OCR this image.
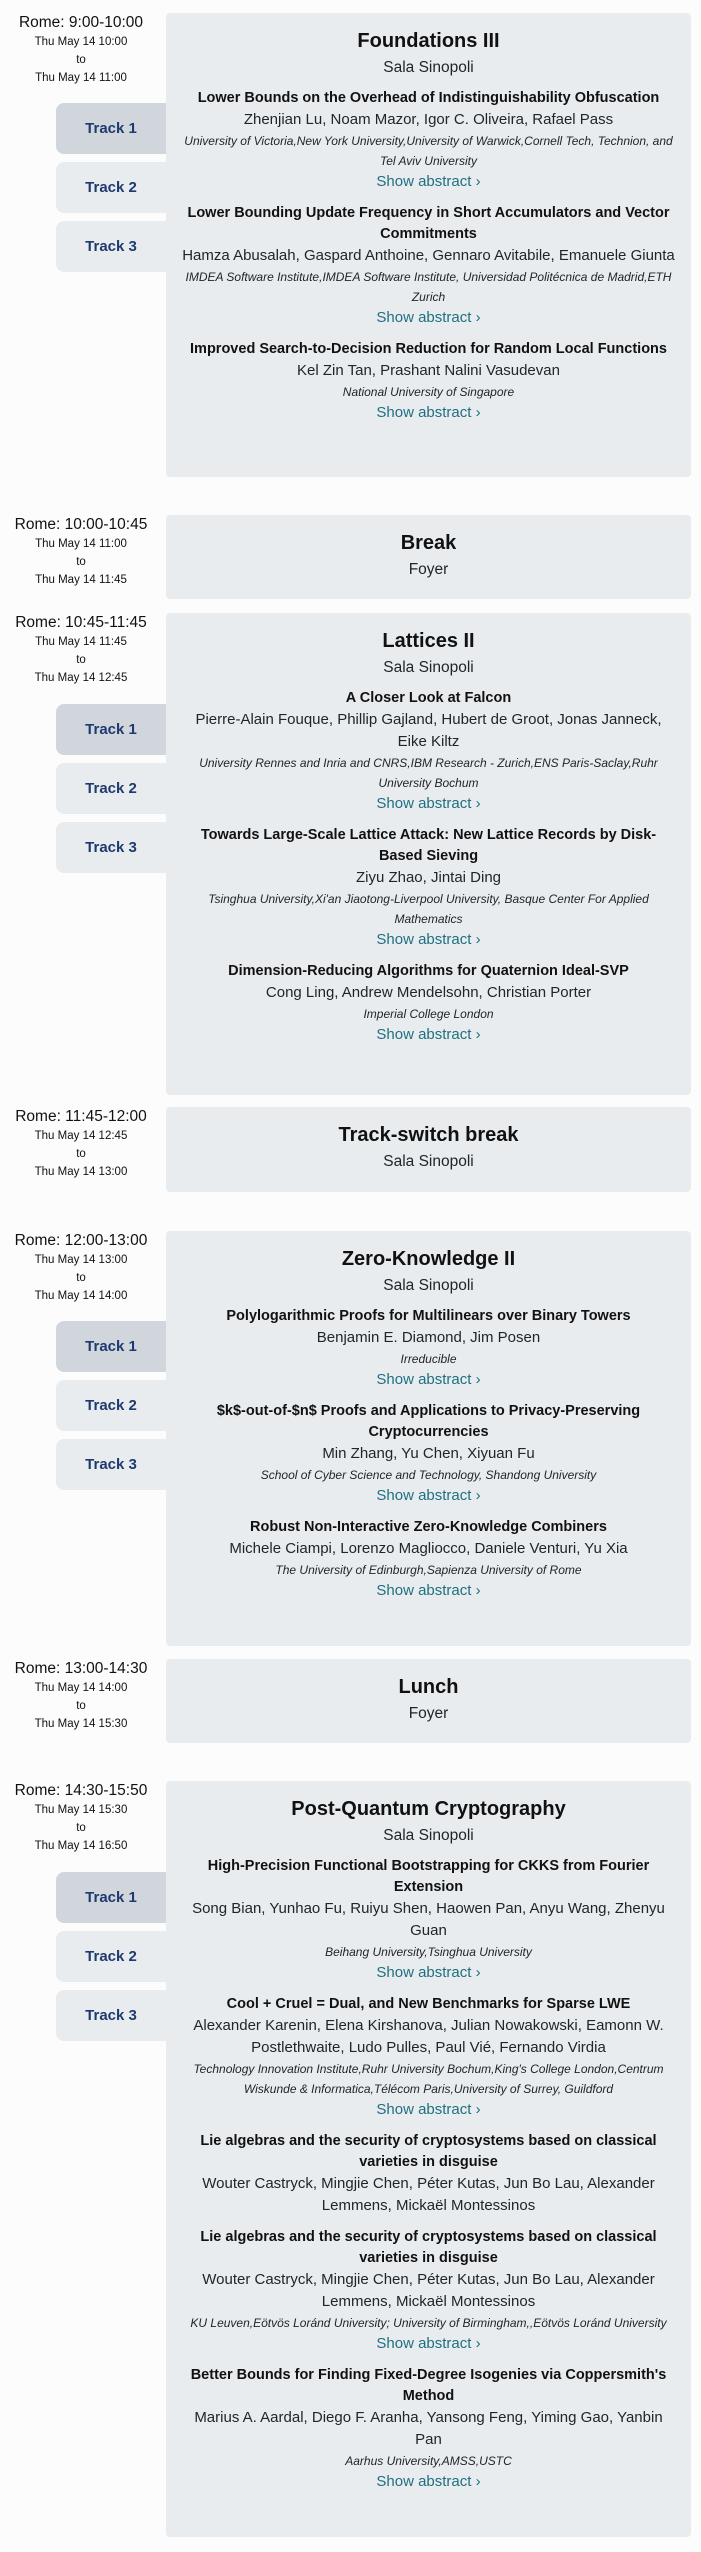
Rome: 9:00-10:00
Thu May 14 10:00
to
Thu May 14 11:00
Track 1
Track 2
Track 3
Foundations III
Sala Sinopoli
Lower Bounds on the Overhead of Indistinguishability Obfuscation
Zhenjian Lu, Noam Mazor, Igor C. Oliveira, Rafael Pass
University of Victoria,New York University,University of Warwick,Cornell Tech, Technion, and Tel Aviv University
Show abstract ›
Lower Bounding Update Frequency in Short Accumulators and Vector Commitments
Hamza Abusalah, Gaspard Anthoine, Gennaro Avitabile, Emanuele Giunta
IMDEA Software Institute,IMDEA Software Institute, Universidad Politécnica de Madrid,ETH Zurich
Show abstract ›
Improved Search-to-Decision Reduction for Random Local Functions
Kel Zin Tan, Prashant Nalini Vasudevan
National University of Singapore
Show abstract ›
Rome: 10:00-10:45
Thu May 14 11:00
to
Thu May 14 11:45
Break
Foyer
Rome: 10:45-11:45
Thu May 14 11:45
to
Thu May 14 12:45
Track 1
Track 2
Track 3
Lattices II
Sala Sinopoli
A Closer Look at Falcon
Pierre-Alain Fouque, Phillip Gajland, Hubert de Groot, Jonas Janneck, Eike Kiltz
University Rennes and Inria and CNRS,IBM Research - Zurich,ENS Paris-Saclay,Ruhr University Bochum
Show abstract ›
Towards Large-Scale Lattice Attack: New Lattice Records by Disk-Based Sieving
Ziyu Zhao, Jintai Ding
Tsinghua University,Xi'an Jiaotong-Liverpool University, Basque Center For Applied Mathematics
Show abstract ›
Dimension-Reducing Algorithms for Quaternion Ideal-SVP
Cong Ling, Andrew Mendelsohn, Christian Porter
Imperial College London
Show abstract ›
Rome: 11:45-12:00
Thu May 14 12:45
to
Thu May 14 13:00
Track-switch break
Sala Sinopoli
Rome: 12:00-13:00
Thu May 14 13:00
to
Thu May 14 14:00
Track 1
Track 2
Track 3
Zero-Knowledge II
Sala Sinopoli
Polylogarithmic Proofs for Multilinears over Binary Towers
Benjamin E. Diamond, Jim Posen
Irreducible
Show abstract ›
$k$-out-of-$n$ Proofs and Applications to Privacy-Preserving Cryptocurrencies
Min Zhang, Yu Chen, Xiyuan Fu
School of Cyber Science and Technology, Shandong University
Show abstract ›
Robust Non-Interactive Zero-Knowledge Combiners
Michele Ciampi, Lorenzo Magliocco, Daniele Venturi, Yu Xia
The University of Edinburgh,Sapienza University of Rome
Show abstract ›
Rome: 13:00-14:30
Thu May 14 14:00
to
Thu May 14 15:30
Lunch
Foyer
Rome: 14:30-15:50
Thu May 14 15:30
to
Thu May 14 16:50
Track 1
Track 2
Track 3
Post-Quantum Cryptography
Sala Sinopoli
High-Precision Functional Bootstrapping for CKKS from Fourier Extension
Song Bian, Yunhao Fu, Ruiyu Shen, Haowen Pan, Anyu Wang, Zhenyu Guan
Beihang University,Tsinghua University
Show abstract ›
Cool + Cruel = Dual, and New Benchmarks for Sparse LWE
Alexander Karenin, Elena Kirshanova, Julian Nowakowski, Eamonn W. Postlethwaite, Ludo Pulles, Paul Vié, Fernando Virdia
Technology Innovation Institute,Ruhr University Bochum,King's College London,Centrum Wiskunde & Informatica,Télécom Paris,University of Surrey, Guildford
Show abstract ›
Lie algebras and the security of cryptosystems based on classical varieties in disguise
Wouter Castryck, Mingjie Chen, Péter Kutas, Jun Bo Lau, Alexander Lemmens, Mickaël Montessinos
Lie algebras and the security of cryptosystems based on classical varieties in disguise
Wouter Castryck, Mingjie Chen, Péter Kutas, Jun Bo Lau, Alexander Lemmens, Mickaël Montessinos
KU Leuven,Eötvös Loránd University; University of Birmingham,,Eötvös Loránd University
Show abstract ›
Better Bounds for Finding Fixed-Degree Isogenies via Coppersmith's Method
Marius A. Aardal, Diego F. Aranha, Yansong Feng, Yiming Gao, Yanbin Pan
Aarhus University,AMSS,USTC
Show abstract ›
